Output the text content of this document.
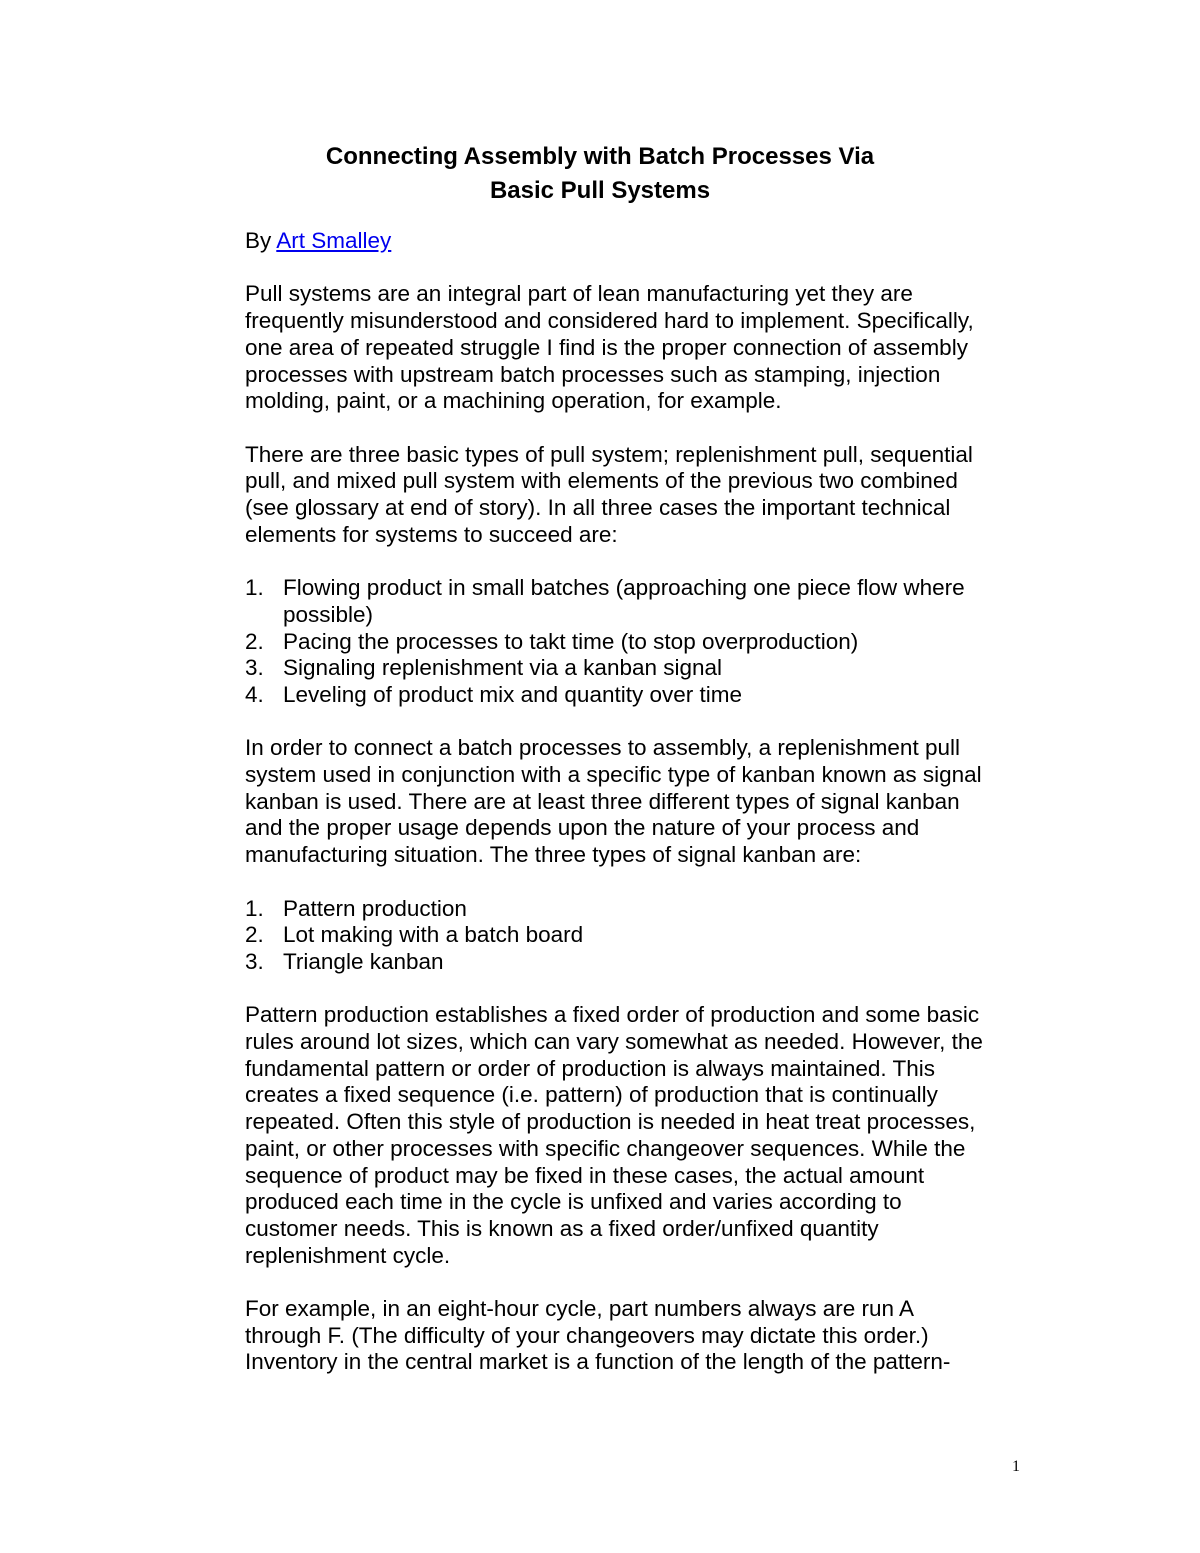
Connecting Assembly with Batch Processes Via
Basic Pull Systems

By Art Smalley

Pull systems are an integral part of lean manufacturing yet they are
frequently misunderstood and considered hard to implement. Specifically,
one area of repeated struggle I find is the proper connection of assembly
processes with upstream batch processes such as stamping, injection
molding, paint, or a machining operation, for example.

There are three basic types of pull system; replenishment pull, sequential
pull, and mixed pull system with elements of the previous two combined
(see glossary at end of story). In all three cases the important technical
elements for systems to succeed are:

1. Flowing product in small batches (approaching one piece flow where
possible)
2. Pacing the processes to takt time (to stop overproduction)
3. Signaling replenishment via a kanban signal
4. Leveling of product mix and quantity over time

In order to connect a batch processes to assembly, a replenishment pull
system used in conjunction with a specific type of kanban known as signal
kanban is used. There are at least three different types of signal kanban
and the proper usage depends upon the nature of your process and
manufacturing situation. The three types of signal kanban are:

1. Pattern production
2. Lot making with a batch board
3. Triangle kanban

Pattern production establishes a fixed order of production and some basic
rules around lot sizes, which can vary somewhat as needed. However, the
fundamental pattern or order of production is always maintained. This
creates a fixed sequence (i.e. pattern) of production that is continually
repeated. Often this style of production is needed in heat treat processes,
paint, or other processes with specific changeover sequences. While the
sequence of product may be fixed in these cases, the actual amount
produced each time in the cycle is unfixed and varies according to
customer needs. This is known as a fixed order/unfixed quantity
replenishment cycle.

For example, in an eight-hour cycle, part numbers always are run A
through F. (The difficulty of your changeovers may dictate this order.)
Inventory in the central market is a function of the length of the pattern-

1
